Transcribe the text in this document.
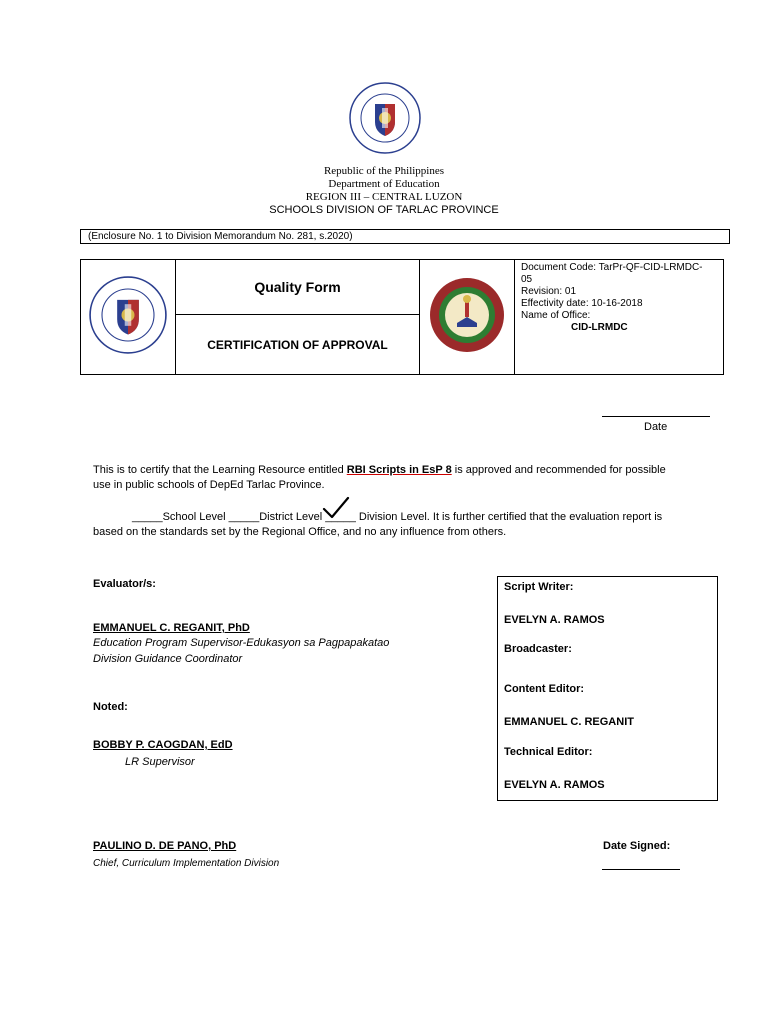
Republic of the Philippines
Department of Education
REGION III – CENTRAL LUZON
SCHOOLS DIVISION OF TARLAC PROVINCE
(Enclosure No. 1 to Division Memorandum No. 281, s.2020)
	Quality Form		
Document Code: TarPr-QF-CID-LRMDC-
05
Revision: 01
Effectivity date: 10-16-2018
Name of Office:
CID-LRMDC

CERTIFICATION OF APPROVAL
Date
This is to certify that the Learning Resource entitled RBI Scripts in EsP 8 is approved and recommended for possible
use in public schools of DepEd Tarlac Province.
_____School Level _____District Level _____ Division Level. It is further certified that the evaluation report is
based on the standards set by the Regional Office, and no any influence from others.
Evaluator/s:
EMMANUEL C. REGANIT, PhD
Education Program Supervisor-Edukasyon sa Pagpapakatao
Division Guidance Coordinator
Noted:
BOBBY P. CAOGDAN, EdD
LR Supervisor
Script Writer:
EVELYN A. RAMOS
Broadcaster:
Content Editor:
EMMANUEL C. REGANIT
Technical Editor:
EVELYN A. RAMOS
PAULINO D. DE PANO, PhD
Chief, Curriculum Implementation Division
Date Signed:
